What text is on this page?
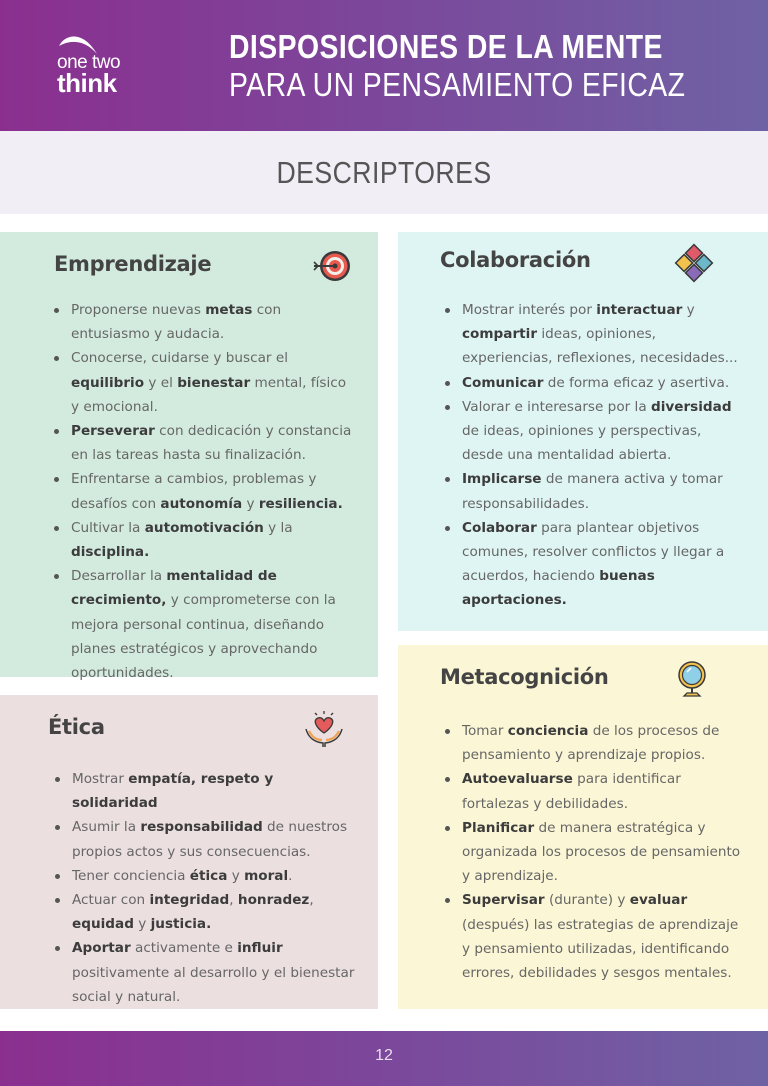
one two
think
DISPOSICIONES DE LA MENTE
PARA UN PENSAMIENTO EFICAZ
DESCRIPTORES
Emprendizaje
Proponerse nuevas metas con entusiasmo y audacia.
Conocerse, cuidarse y buscar el equilibrio y el bienestar mental, físico y emocional.
Perseverar con dedicación y constancia en las tareas hasta su finalización.
Enfrentarse a cambios, problemas y desafíos con autonomía y resiliencia.
Cultivar la automotivación y la disciplina.
Desarrollar la mentalidad de crecimiento, y comprometerse con la mejora personal continua, diseñando planes estratégicos y aprovechando oportunidades.
Colaboración
Mostrar interés por interactuar y compartir ideas, opiniones, experiencias, reflexiones, necesidades...
Comunicar de forma eficaz y asertiva.
Valorar e interesarse por la diversidad de ideas, opiniones y perspectivas, desde una mentalidad abierta.
Implicarse de manera activa y tomar responsabilidades.
Colaborar para plantear objetivos comunes, resolver conflictos y llegar a acuerdos, haciendo buenas aportaciones.
Ética
Mostrar empatía, respeto y solidaridad
Asumir la responsabilidad de nuestros propios actos y sus consecuencias.
Tener conciencia ética y moral.
Actuar con integridad, honradez, equidad y justicia.
Aportar activamente e influir positivamente al desarrollo y el bienestar social y natural.
Metacognición
Tomar conciencia de los procesos de pensamiento y aprendizaje propios.
Autoevaluarse para identificar fortalezas y debilidades.
Planificar de manera estratégica y organizada los procesos de pensamiento y aprendizaje.
Supervisar (durante) y evaluar (después) las estrategias de aprendizaje y pensamiento utilizadas, identificando errores, debilidades y sesgos mentales.
12
